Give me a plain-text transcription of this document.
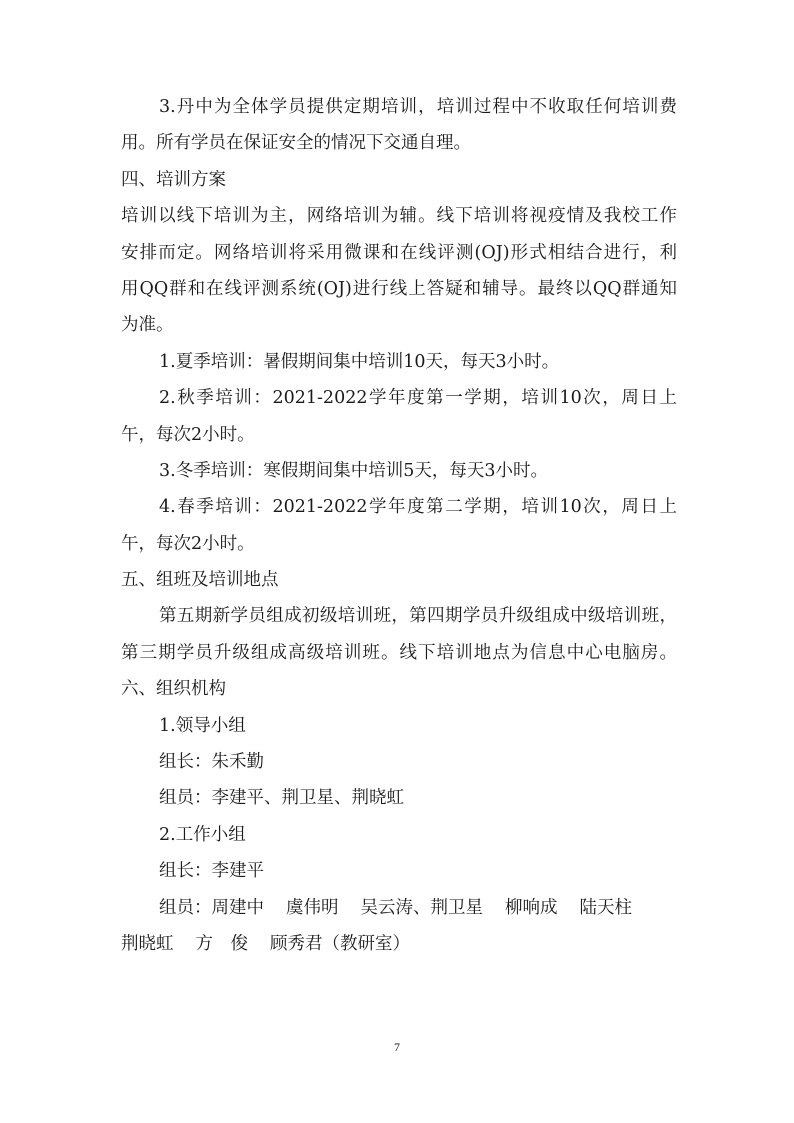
3.丹中为全体学员提供定期培训，培训过程中不收取任何培训费
用。所有学员在保证安全的情况下交通自理。
四、培训方案
培训以线下培训为主，网络培训为辅。线下培训将视疫情及我校工作
安排而定。网络培训将采用微课和在线评测(OJ)形式相结合进行，利
用QQ群和在线评测系统(OJ)进行线上答疑和辅导。最终以QQ群通知
为准。
1.夏季培训：暑假期间集中培训10天，每天3小时。
2.秋季培训：2021-2022学年度第一学期，培训10次，周日上
午，每次2小时。
3.冬季培训：寒假期间集中培训5天，每天3小时。
4.春季培训：2021-2022学年度第二学期，培训10次，周日上
午，每次2小时。
五、组班及培训地点
第五期新学员组成初级培训班，第四期学员升级组成中级培训班，
第三期学员升级组成高级培训班。线下培训地点为信息中心电脑房。
六、组织机构
1.领导小组
组长：朱禾勤
组员：李建平、荆卫星、荆晓虹
2.工作小组
组长：李建平
组员：周建中 虞伟明 吴云涛、荆卫星 柳响成 陆天柱
荆晓虹 方　俊 顾秀君（教研室）
7
